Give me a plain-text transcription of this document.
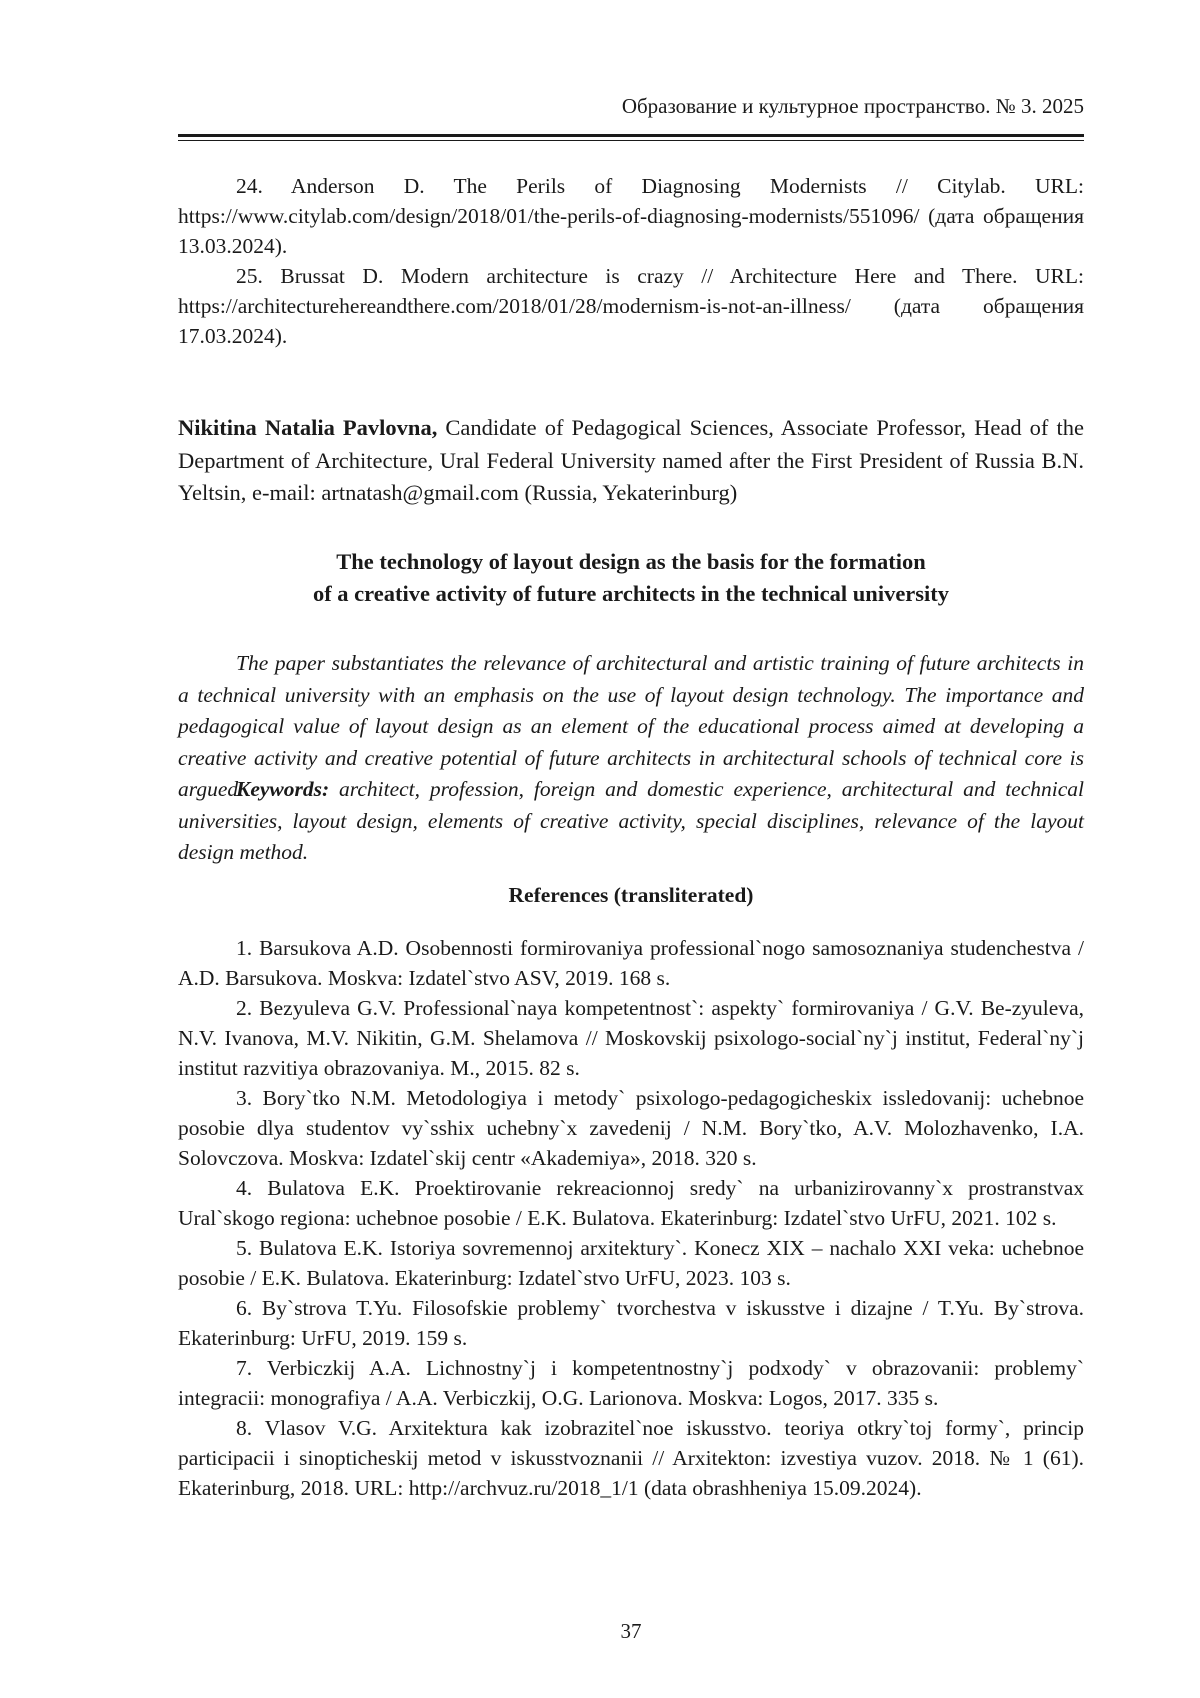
Образование и культурное пространство. № 3. 2025

24. Anderson D. The Perils of Diagnosing Modernists // Citylab. URL: https://www.citylab.com/design/2018/01/the-perils-of-diagnosing-modernists/551096/ (дата обращения 13.03.2024).

25. Brussat D. Modern architecture is crazy // Architecture Here and There. URL: https://architecturehereandthere.com/2018/01/28/modernism-is-not-an-illness/ (дата обращения 17.03.2024).

Nikitina Natalia Pavlovna, Candidate of Pedagogical Sciences, Associate Professor, Head of the Department of Architecture, Ural Federal University named after the First President of Russia B.N. Yeltsin, e-mail: artnatash@gmail.com (Russia, Yekaterinburg)

The technology of layout design as the basis for the formation
of a creative activity of future architects in the technical university

The paper substantiates the relevance of architectural and artistic training of future architects in a technical university with an emphasis on the use of layout design technology. The importance and pedagogical value of layout design as an element of the educational process aimed at developing a creative activity and creative potential of future architects in architectural schools of technical core is argued.

Keywords: architect, profession, foreign and domestic experience, architectural and technical universities, layout design, elements of creative activity, special disciplines, relevance of the layout design method.

References (transliterated)

1. Barsukova A.D. Osobennosti formirovaniya professional`nogo samosoznaniya studenchestva / A.D. Barsukova. Moskva: Izdatel`stvo ASV, 2019. 168 s.

2. Bezyuleva G.V. Professional`naya kompetentnost`: aspekty` formirovaniya / G.V. Be-zyuleva, N.V. Ivanova, M.V. Nikitin, G.M. Shelamova // Moskovskij psixologo-social`ny`j institut, Federal`ny`j institut razvitiya obrazovaniya. M., 2015. 82 s.

3. Bory`tko N.M. Metodologiya i metody` psixologo-pedagogicheskix issledovanij: uchebnoe posobie dlya studentov vy`sshix uchebny`x zavedenij / N.M. Bory`tko, A.V. Molozhavenko, I.A. Solovczova. Moskva: Izdatel`skij centr «Akademiya», 2018. 320 s.

4. Bulatova E.K. Proektirovanie rekreacionnoj sredy` na urbanizirovanny`x prostranstvax Ural`skogo regiona: uchebnoe posobie / E.K. Bulatova. Ekaterinburg: Izdatel`stvo UrFU, 2021. 102 s.

5. Bulatova E.K. Istoriya sovremennoj arxitektury`. Konecz XIX – nachalo XXI veka: uchebnoe posobie / E.K. Bulatova. Ekaterinburg: Izdatel`stvo UrFU, 2023. 103 s.

6. By`strova T.Yu. Filosofskie problemy` tvorchestva v iskusstve i dizajne / T.Yu. By`strova. Ekaterinburg: UrFU, 2019. 159 s.

7. Verbiczkij A.A. Lichnostny`j i kompetentnostny`j podxody` v obrazovanii: problemy` integracii: monografiya / A.A. Verbiczkij, O.G. Larionova. Moskva: Logos, 2017. 335 s.

8. Vlasov V.G. Arxitektura kak izobrazitel`noe iskusstvo. teoriya otkry`toj formy`, princip participacii i sinopticheskij metod v iskusstvoznanii // Arxitekton: izvestiya vuzov. 2018. № 1 (61). Ekaterinburg, 2018. URL: http://archvuz.ru/2018_1/1 (data obrashheniya 15.09.2024).

37
